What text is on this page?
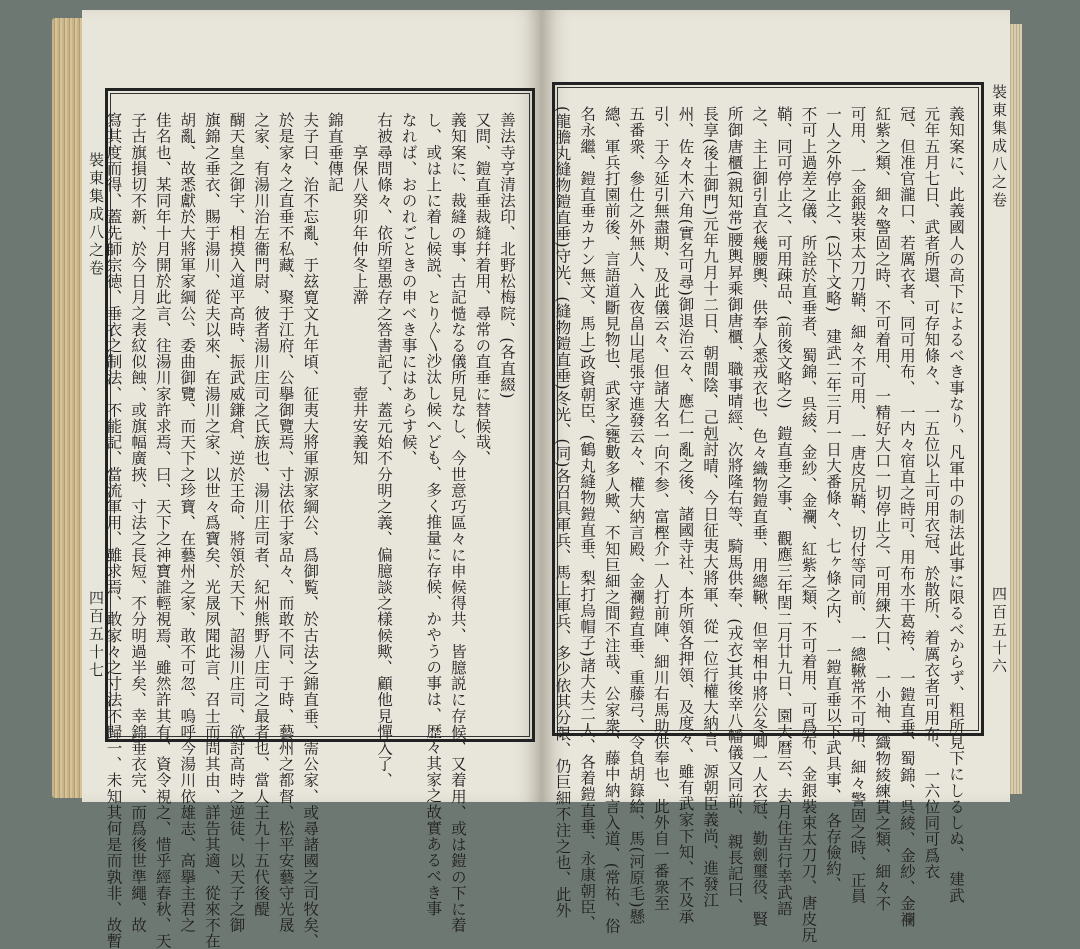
裝東集成八之卷
四百五十七
善法寺亨清法印、北野松梅院、(各直綴)
又問、鎧直垂裁縫幷着用、尋常の直垂に替候哉、
義知案に、裁縫の事、古記慥なる儀所見なし、今世意巧區々に申候得共、皆臆説に存候、又着用、或は鎧の下に着
し、或は上に着し候説、とり〴〵沙汰し候へども、多く推量に存候、かやうの事は、歴々其家之故實あるべき事
なれば、おのれごときの申べき事にはあらす候、
右被尋問條々、依所望愚存之答書記了、蓋元始不分明之義、偏臆談之樣候歟、顧他見憚入了、
　　享保八癸卯年仲冬上澣　　　　　壺井安義知
錦直垂傳記
夫子曰、治不忘亂、于玆寛文九年頃、征夷大將軍源家綱公、爲御覧、於古法之錦直垂、需公家、或尋諸國之司牧矣、
於是家々之直垂不私藏、聚于江府、公擧御覽焉、寸法依于家品々、而敢不同、于時、藝州之都督、松平安藝守光晟
之家、有湯川治左衞門尉、彼者湯川庄司之氏族也、湯川庄司者、紀州熊野八庄司之最者也、當人王九十五代後醍
醐天皇之御宇、相摸入道平高時、振武威鎌倉、逆於王命、將領於天下、詔湯川庄司、欲討高時之逆徒、以天子之御
旗錦之垂衣、賜于湯川、從夫以來、在湯川之家、以世々爲寶矣、光晟夙聞此言、召士而問其由、詳告其適、從來不在
胡亂、故悉獻於大將軍家綱公、委曲御覽、而天下之珍寶、在藝州之家、敢不可忽、嗚呼今湯川依雄志、高擧主君之
佳名也、某同年十月開於此言、往湯川家許求焉、曰、天下之神寶誰輕視焉、雖然許其有、資令視之、惜乎經春秋、天
子古旗損切不新、於今日月之表紋似蝕、或旗幅廣挾、寸法之長短、不分明過半矣、幸錦垂衣完、而爲後世準繩、故
寫其度而得、蓋先師宗徳、垂衣之制法、不能記、當流軍用、雖求焉、敢家々之寸法不歸一、未知其何是而孰非、故暫	裝東集成八之卷
四百五十六
義知案に、此義國人の高下によるべき事なり、凡軍中の制法此事に限るべからず、粗所見下にしるしぬ、　建武
元年五月七日、武者所還、可存知條々、　一五位以上可用衣冠、於散所、着厲衣者可用布、　一六位同可爲衣
冠、但准官瀧口、若厲衣者、同可用布、　一内々宿直之時可、用布水干葛袴、　一鎧直垂、蜀錦、呉綾、金紗、金襴
紅紫之類、細々警固之時、不可着用、　一精好大口一切停止之、可用練大口、　一小袖、織物綾練貫之類、細々不
可用、　一金銀裝束太刀刀鞘、細々不可用、　一唐皮尻鞘、切付等同前、　一總鞦常不可用、細々警固之時、正員
一人之外停止之、(以下文略)　建武二年三月一日大番條々、七ヶ條之内、　一鎧直垂以下武具事、　各存儉約、
不可上過差之儀、所詮於直垂者、蜀錦、呉綾、金紗、金襴、紅紫之類、不可着用、可爲布、金銀裝束太刀刀、唐皮尻
鞘、同可停止之、可用疎品、(前後文略之)　鎧直垂之事、　觀應三年閏二月廿九日、園大暦云、去月住吉行幸武語
之、主上御引直衣幾腰輿、供奉人悉戎衣也、色々織物鎧直垂、用總鞦、但宰相中將公冬卿一人衣冠、勤劍璽役、賢
所御唐櫃(親知常)腰輿昇乘御唐櫃、職事晴經、次將隆右等、騎馬供奉、(戎衣)其後幸八幡儀又同前、　親長記曰、
長享(後土御門)元年九月十二日、朝間陰、己剋討晴、今日征夷大將軍、從一位行權大納言、源朝臣義尚、進發江
州、佐々木六角(實名可尋)御退治云々、應仁一亂之後、諸國寺社、本所領各押領、及度々、雖有武家下知、不及承
引、于今延引無盡期、及此儀云々、但諸大名一向不参、富樫介一人打前陣、細川右馬助供奉也、此外自一番衆至
五番衆、參仕之外無人、入夜畠山尾張守進發云々、權大納言殿、金襴鎧直垂、重藤弓、令負胡籙給、馬(河原毛)懸
總、軍兵打園前後、言語道斷見物也、武家之甕數多人歟、不知巨細之間不注哉、公家衆、藤中納言入道、(常祐、俗
名永繼、鎧直垂カナン無文、馬上)政資朝臣、(鶴丸縫物鎧直垂、梨打烏帽子)諸大夫二人、各着鎧直垂、永康朝臣、
(龍膽丸縫物鎧直垂)守光、(縫物鎧直垂)冬光、(同)各召具軍兵、馬上軍兵、多少依其分限、仍巨細不注之也、此外
